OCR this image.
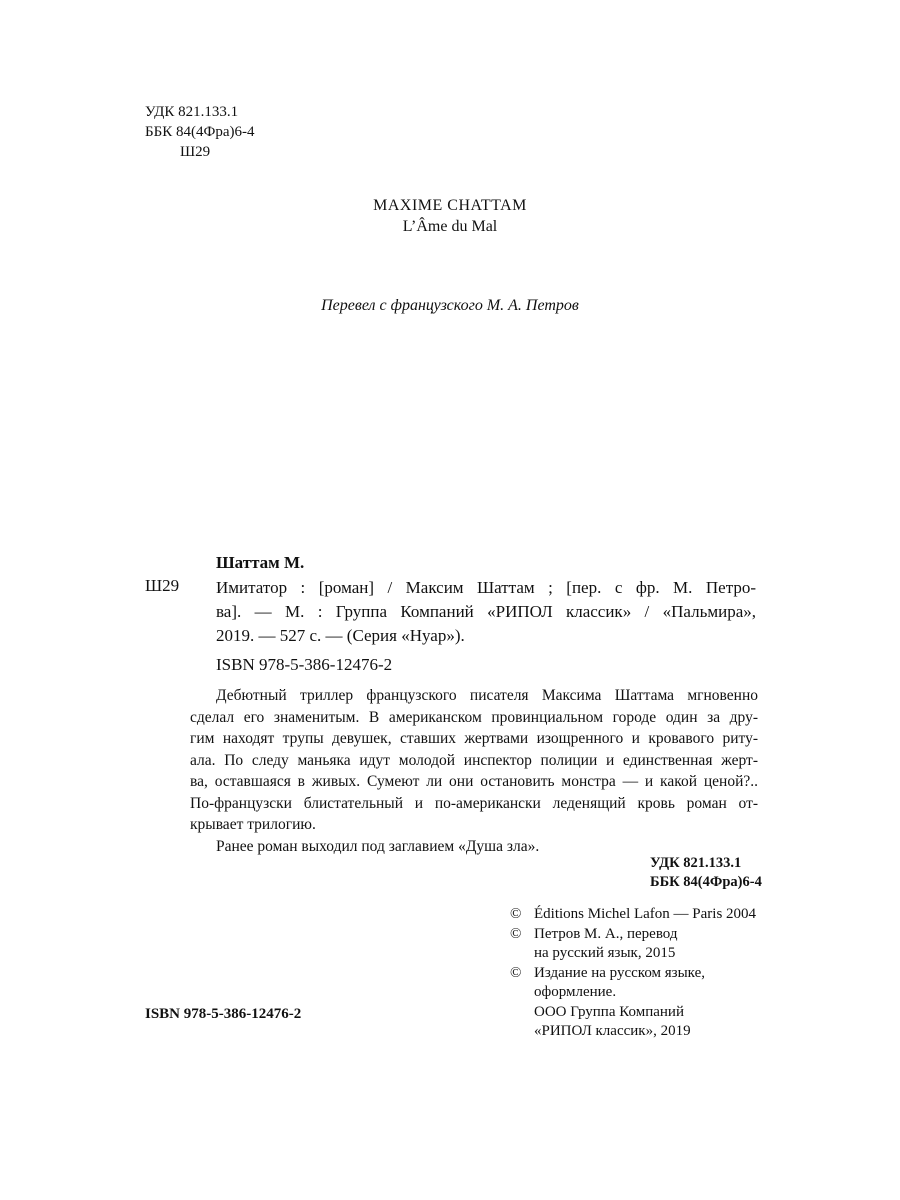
УДК 821.133.1
ББК 84(4Фра)6-4
Ш29
MAXIME CHATTAM
L’Âme du Mal
Перевел с французского М. А. Петров
Шаттам М.
Ш29 Имитатор : [роман] / Максим Шаттам ; [пер. с фр. М. Петро-
ва]. — М. : Группа Компаний «РИПОЛ классик» / «Пальмира»,
2019. — 527 с. — (Серия «Нуар»).
ISBN 978-5-386-12476-2
Дебютный триллер французского писателя Максима Шаттама мгновенно
сделал его знаменитым. В американском провинциальном городе один за дру-
гим находят трупы девушек, ставших жертвами изощренного и кровавого риту-
ала. По следу маньяка идут молодой инспектор полиции и единственная жерт-
ва, оставшаяся в живых. Сумеют ли они остановить монстра — и какой ценой?..
По-французски блистательный и по-американски леденящий кровь роман от-
крывает трилогию.
Ранее роман выходил под заглавием «Душа зла».
УДК 821.133.1
ББК 84(4Фра)6-4
© Éditions Michel Lafon — Paris 2004
© Петров М. А., перевод
на русский язык, 2015
© Издание на русском языке,
оформление.
ООО Группа Компаний
«РИПОЛ классик», 2019
ISBN 978-5-386-12476-2
